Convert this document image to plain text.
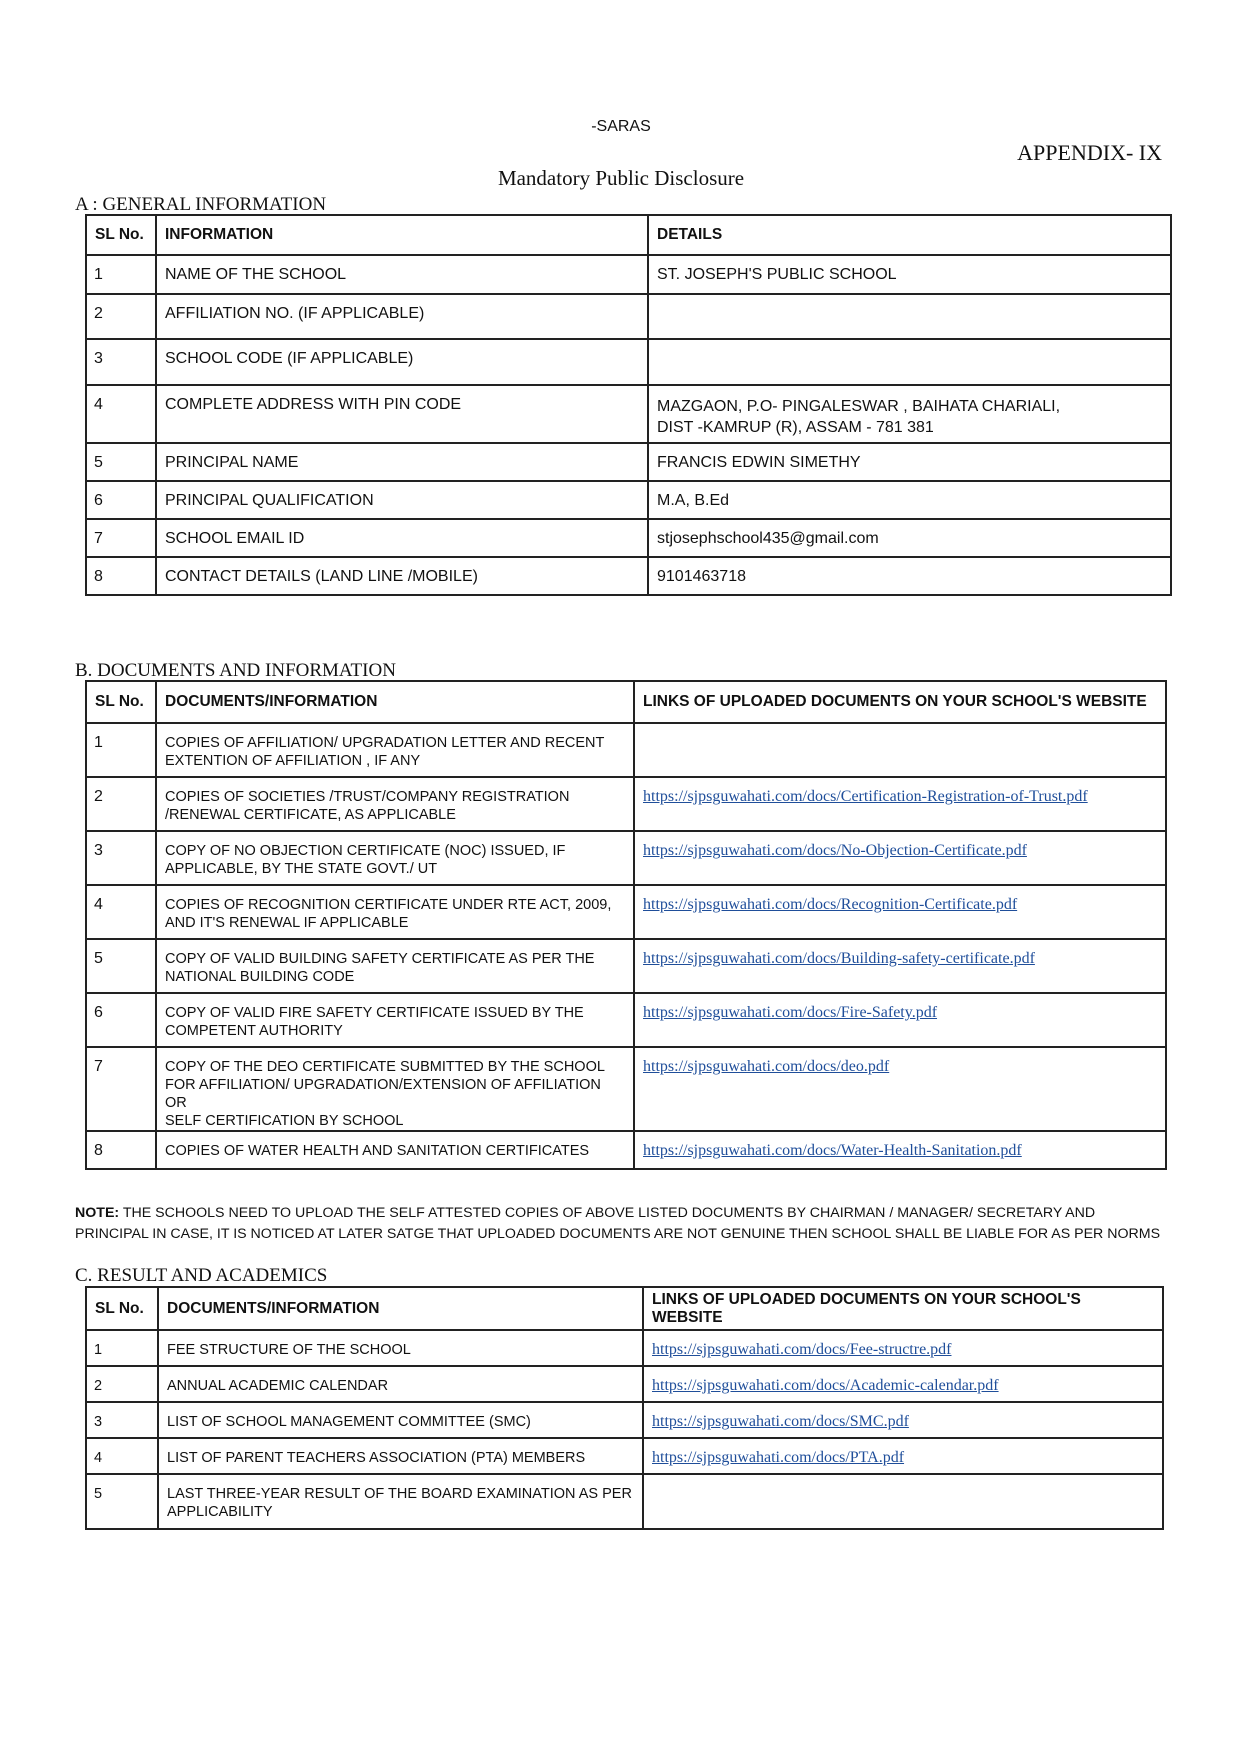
-SARAS
APPENDIX- IX
Mandatory Public Disclosure
A : GENERAL INFORMATION
SL No.	INFORMATION	DETAILS
1	NAME OF THE SCHOOL	ST. JOSEPH'S PUBLIC SCHOOL
2	AFFILIATION NO. (IF APPLICABLE)	
3	SCHOOL CODE (IF APPLICABLE)	
4	COMPLETE ADDRESS WITH PIN CODE	MAZGAON, P.O- PINGALESWAR , BAIHATA CHARIALI,
DIST -KAMRUP (R), ASSAM - 781 381

5	PRINCIPAL NAME	FRANCIS EDWIN SIMETHY
6	PRINCIPAL QUALIFICATION	M.A, B.Ed
7	SCHOOL EMAIL ID	stjosephschool435@gmail.com
8	CONTACT DETAILS (LAND LINE /MOBILE)	9101463718
B. DOCUMENTS AND INFORMATION
SL No.	DOCUMENTS/INFORMATION	LINKS OF UPLOADED DOCUMENTS ON YOUR SCHOOL'S WEBSITE
1	COPIES OF AFFILIATION/ UPGRADATION LETTER AND RECENT
EXTENTION OF AFFILIATION , IF ANY	

2	COPIES OF SOCIETIES /TRUST/COMPANY REGISTRATION
/RENEWAL CERTIFICATE, AS APPLICABLE	https://sjpsguwahati.com/docs/Certification-Registration-of-Trust.pdf
3	COPY OF NO OBJECTION CERTIFICATE (NOC) ISSUED, IF
APPLICABLE, BY THE STATE GOVT./ UT	https://sjpsguwahati.com/docs/No-Objection-Certificate.pdf
4	COPIES OF RECOGNITION CERTIFICATE UNDER RTE ACT, 2009,
AND IT'S RENEWAL IF APPLICABLE	https://sjpsguwahati.com/docs/Recognition-Certificate.pdf
5	COPY OF VALID BUILDING SAFETY CERTIFICATE AS PER THE
NATIONAL BUILDING CODE	https://sjpsguwahati.com/docs/Building-safety-certificate.pdf
6	COPY OF VALID FIRE SAFETY CERTIFICATE ISSUED BY THE
COMPETENT AUTHORITY	https://sjpsguwahati.com/docs/Fire-Safety.pdf
7	COPY OF THE DEO CERTIFICATE SUBMITTED BY THE SCHOOL
FOR AFFILIATION/ UPGRADATION/EXTENSION OF AFFILIATION OR
SELF CERTIFICATION BY SCHOOL	https://sjpsguwahati.com/docs/deo.pdf
8	COPIES OF WATER HEALTH AND SANITATION CERTIFICATES	https://sjpsguwahati.com/docs/Water-Health-Sanitation.pdf
NOTE: THE SCHOOLS NEED TO UPLOAD THE SELF ATTESTED COPIES OF ABOVE LISTED DOCUMENTS BY CHAIRMAN / MANAGER/ SECRETARY AND PRINCIPAL IN CASE, IT IS NOTICED AT LATER SATGE THAT UPLOADED DOCUMENTS ARE NOT GENUINE THEN SCHOOL SHALL BE LIABLE FOR AS PER NORMS
C. RESULT AND ACADEMICS
SL No.	DOCUMENTS/INFORMATION	LINKS OF UPLOADED DOCUMENTS ON YOUR SCHOOL'S WEBSITE
1	FEE STRUCTURE OF THE SCHOOL	https://sjpsguwahati.com/docs/Fee-structre.pdf
2	ANNUAL ACADEMIC CALENDAR	https://sjpsguwahati.com/docs/Academic-calendar.pdf
3	LIST OF SCHOOL MANAGEMENT COMMITTEE (SMC)	https://sjpsguwahati.com/docs/SMC.pdf
4	LIST OF PARENT TEACHERS ASSOCIATION (PTA) MEMBERS	https://sjpsguwahati.com/docs/PTA.pdf
5	LAST THREE-YEAR RESULT OF THE BOARD EXAMINATION AS PER
APPLICABILITY	
